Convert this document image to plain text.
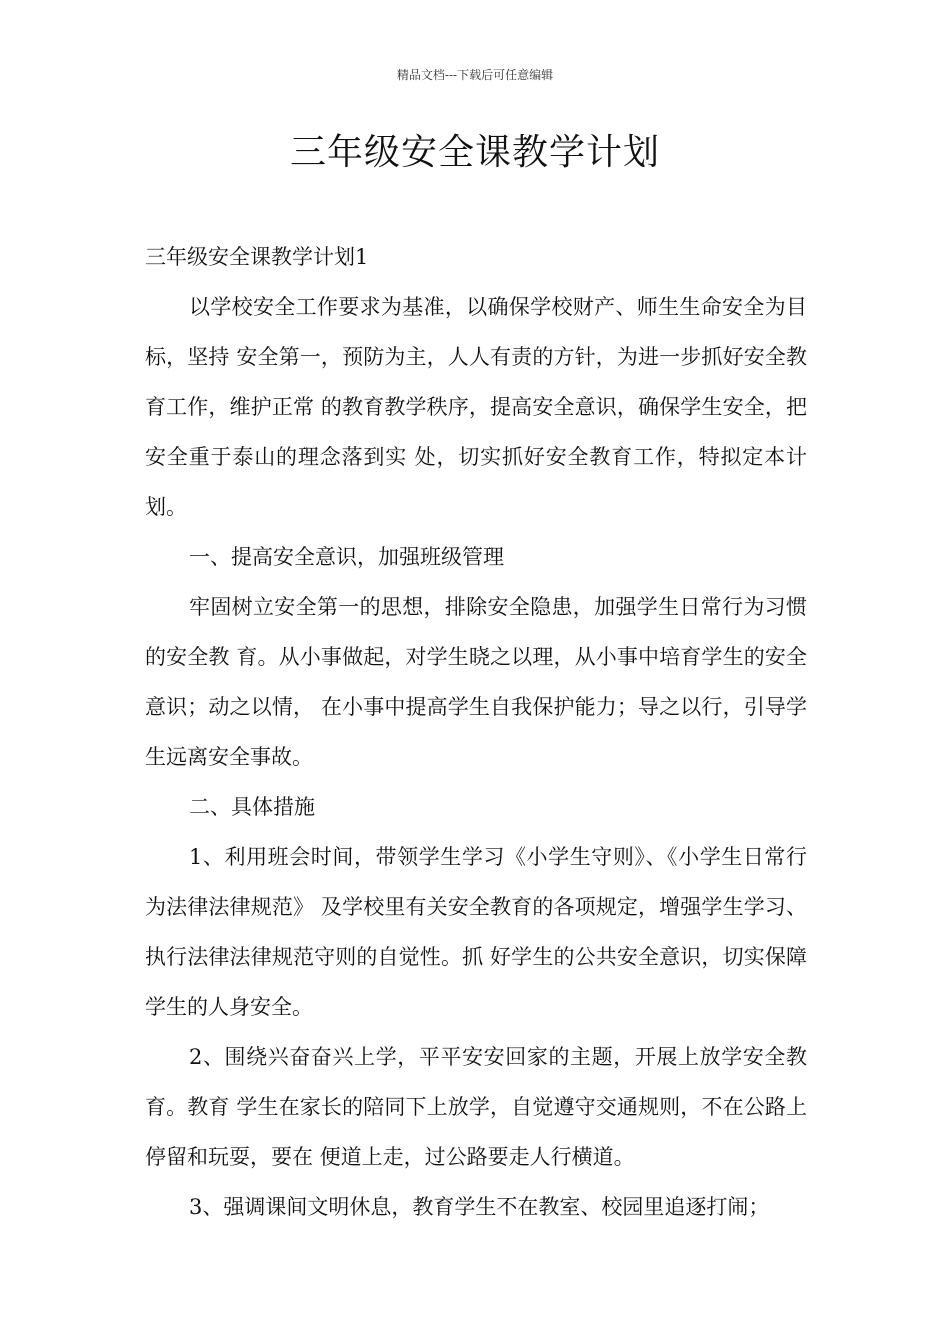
精品文档---下载后可任意编辑
三年级安全课教学计划

三年级安全课教学计划1

以学校安全工作要求为基准，以确保学校财产、师生生命安全为目标，坚持 安全第一，预防为主，人人有责的方针，为进一步抓好安全教育工作，维护正常 的教育教学秩序，提高安全意识，确保学生安全，把安全重于泰山的理念落到实 处，切实抓好安全教育工作，特拟定本计划。

一、提高安全意识，加强班级管理

牢固树立安全第一的思想，排除安全隐患，加强学生日常行为习惯的安全教 育。从小事做起，对学生晓之以理，从小事中培育学生的安全意识；动之以情， 在小事中提高学生自我保护能力；导之以行，引导学生远离安全事故。

二、具体措施

1、利用班会时间，带领学生学习《小学生守则》、《小学生日常行为法律法律规范》 及学校里有关安全教育的各项规定，增强学生学习、执行法律法律规范守则的自觉性。抓 好学生的公共安全意识，切实保障学生的人身安全。

2、围绕兴奋奋兴上学，平平安安回家的主题，开展上放学安全教育。教育 学生在家长的陪同下上放学，自觉遵守交通规则，不在公路上停留和玩耍，要在 便道上走，过公路要走人行横道。

3、强调课间文明休息，教育学生不在教室、校园里追逐打闹；
